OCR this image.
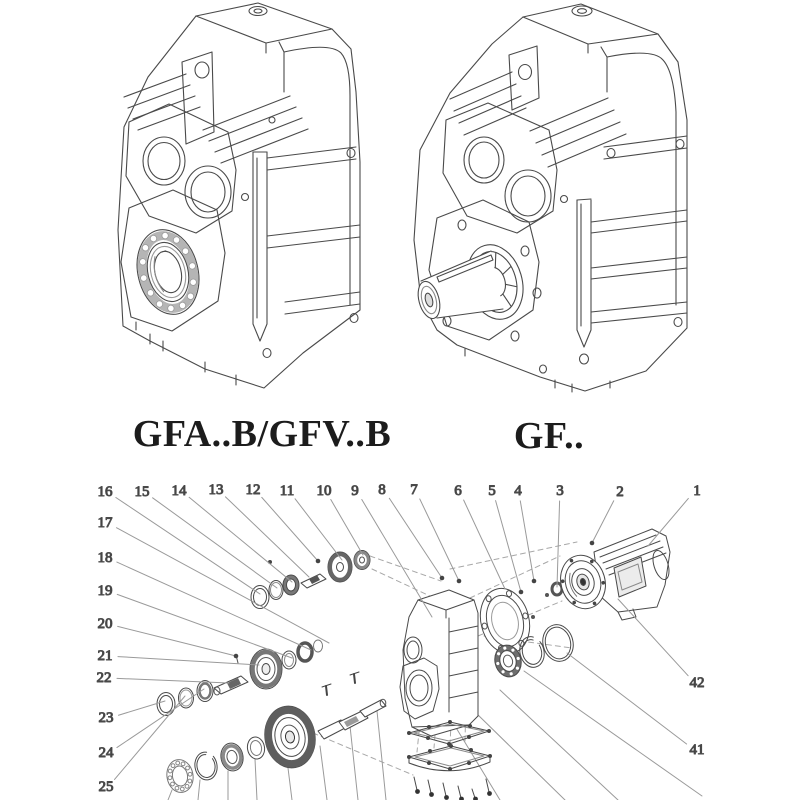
1
2
3
4
5
6
7
8
9
10
11
12
13
14
15
16
17
18
19
20
21
22
23
24
25
41
42
GFA..B/GFV..B	GF..
